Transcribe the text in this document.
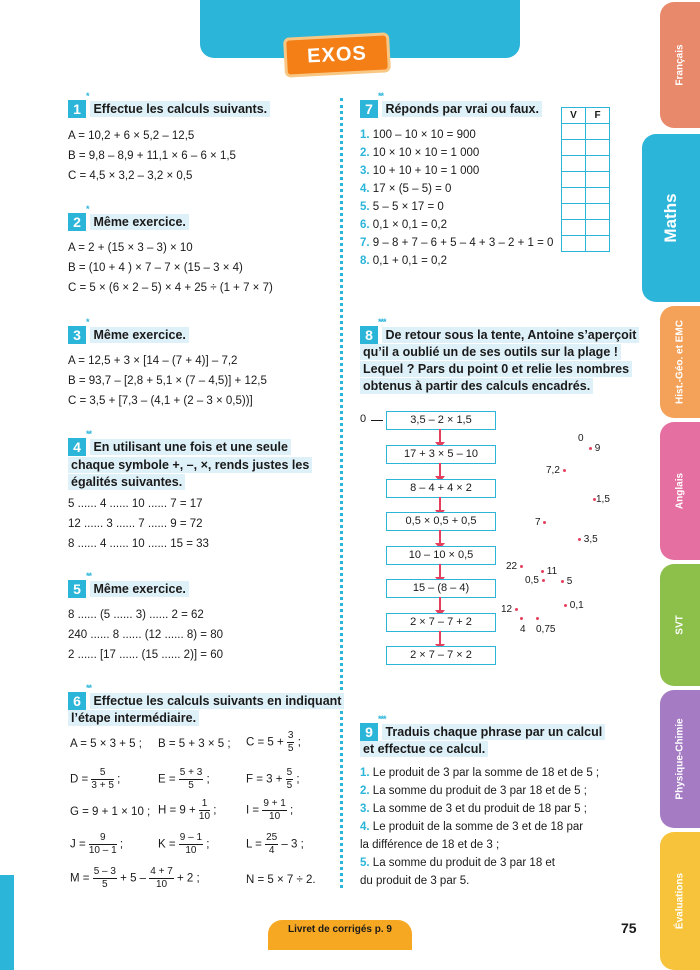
EXOS	Français
Maths
Hist.-Géo. et EMC
Anglais
SVT
Physique-Chimie
Évaluations
1
*
Effectue les calculs suivants.
A = 10,2 + 6 × 5,2 – 12,5
B = 9,8 – 8,9 + 11,1 × 6 – 6 × 1,5
C = 4,5 × 3,2 – 3,2 × 0,5
2
*
Même exercice.
A = 2 + (15 × 3 – 3) × 10
B = (10 + 4 ) × 7 – 7 × (15 – 3 × 4)
C = 5 × (6 × 2 – 5) × 4 + 25 ÷ (1 + 7 × 7)
3
*
Même exercice.
A = 12,5 + 3 × [14 – (7 + 4)] – 7,2
B = 93,7 – [2,8 + 5,1 × (7 – 4,5)] + 12,5
C = 3,5 + [7,3 – (4,1 + (2 – 3 × 0,5))]
4
**
En utilisant une fois et une seule
chaque symbole +, –, ×, rends justes les
égalités suivantes.
5 ...... 4 ...... 10 ...... 7 = 17
12 ...... 3 ...... 7 ...... 9 = 72
8 ...... 4 ...... 10 ...... 15 = 33
5
**
Même exercice.
8 ...... (5 ...... 3) ...... 2 = 62
240 ...... 8 ...... (12 ...... 8) = 80
2 ...... [17 ...... (15 ...... 2)] = 60
6
**
Effectue les calculs suivants en indiquant
l’étape intermédiaire.
A = 5 × 3 + 5 ; B = 5 + 3 × 5 ; $C = 5 + \frac{3}{5}$ ;
$D = \frac{5}{3 + 5}$ ;	$E = \frac{5 + 3}{5}$ ;	$F = 3 + \frac{5}{5}$ ;
G = 9 + 1 × 10 ; $H = 9 + \frac{1}{10}$ ;	$I = \frac{9 + 1}{10}$ ;
$J = \frac{9}{10 - 1}$ ;	$K = \frac{9 - 1}{10}$ ;	$L = \frac{25}{4} - 3$ ;
$M = \frac{5 - 3}{5} + 5 - \frac{4 + 7}{10} + 2$ ;	N = 5 × 7 ÷ 2.
7
**
Réponds par vrai ou faux.
1. 100 – 10 × 10 = 900
2. 10 × 10 × 10 = 1 000
3. 10 + 10 + 10 = 1 000
4. 17 × (5 – 5) = 0
5. 5 – 5 × 17 = 0
6. 0,1 × 0,1 = 0,2
7. 9 – 8 + 7 – 6 + 5 – 4 + 3 – 2 + 1 = 0
8. 0,1 + 0,1 = 0,2
V	F

8
***
De retour sous la tente, Antoine s’aperçoit
qu’il a oublié un de ses outils sur la plage !
Lequel ? Pars du point 0 et relie les nombres
obtenus à partir des calculs encadrés.
0	3,5 – 2 × 1,5
17 + 3 × 5 – 10
8 – 4 + 4 × 2
0,5 × 0,5 + 0,5
10 – 10 × 0,5
15 – (8 – 4)
2 × 7 – 7 + 2
2 × 7 – 7 × 2
0
9
7,2
1,5
7
3,5
22	11
0,5	5
0,1
12

4 0,75
9
***
Traduis chaque phrase par un calcul
et effectue ce calcul.
1. Le produit de 3 par la somme de 18 et de 5 ;
2. La somme du produit de 3 par 18 et de 5 ;
3. La somme de 3 et du produit de 18 par 5 ;
4. Le produit de la somme de 3 et de 18 par
la différence de 18 et de 3 ;
5. La somme du produit de 3 par 18 et
du produit de 3 par 5.
Livret de corrigés p. 9	75
